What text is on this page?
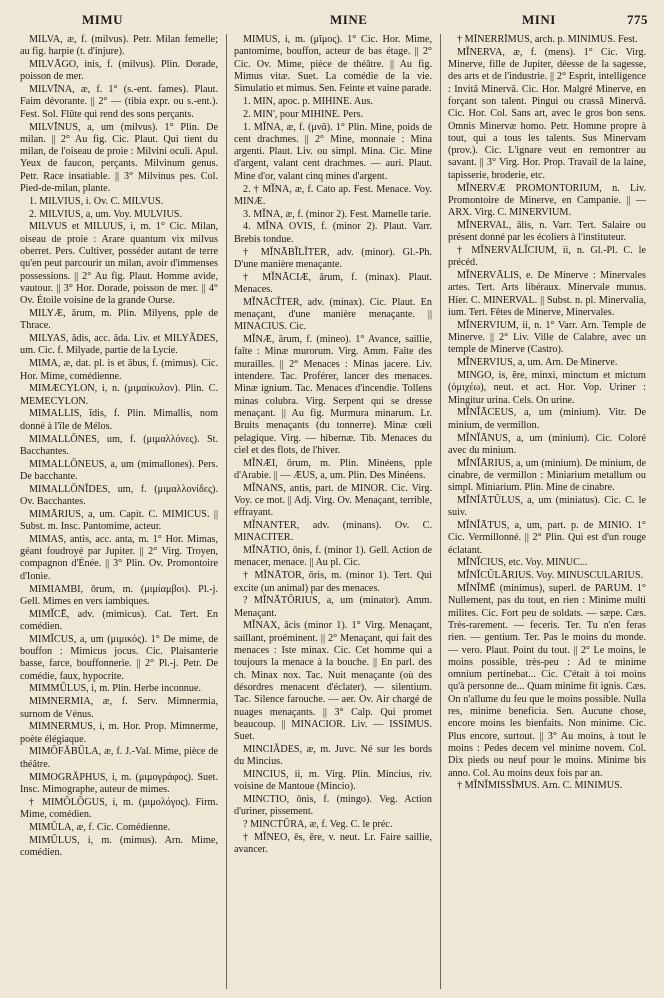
MIMU	MINE	MINI	775

MILVA, æ, f. (milvus). Petr. Milan femelle; au fig. harpie (t. d'injure).

MILVĀGO, inis, f. (milvus). Plin. Dorade, poisson de mer.

MILVĪNA, æ, f. 1° (s.-ent. fames). Plaut. Faim dévorante. || 2° — (tibia expr. ou s.-ent.). Fest. Sol. Flûte qui rend des sons perçants.

MILVĪNUS, a, um (milvus). 1° Plin. De milan. || 2° Au fig. Cic. Plaut. Qui tient du milan, de l'oiseau de proie : Milvini oculi. Apul. Yeux de faucon, perçants. Milvinum genus. Petr. Race insatiable. || 3° Milvinus pes. Col. Pied-de-milan, plante.

1. MILVIUS, i. Ov. C. MILVUS.

2. MILVIUS, a, um. Voy. MULVIUS.

MILVUS et MILUUS, i, m. 1° Cic. Milan, oiseau de proie : Arare quantum vix milvus oberret. Pers. Cultiver, posséder autant de terre qu'en peut parcourir un milan, avoir d'immenses possessions. || 2° Au fig. Plaut. Homme avide, vautour. || 3° Hor. Dorade, poisson de mer. || 4° Ov. Étoile voisine de la grande Ourse.

MILYÆ, ārum, m. Plin. Milyens, pple de Thrace.

MILYAS, ădis, acc. ăda. Liv. et MILYĂDES, um. Cic. f. Milyade, partie de la Lycie.

MIMA, æ, dat. pl. is et ābus, f. (mimus). Cic. Hor. Mime, comédienne.

MIMÆCYLON, i, n. (μιμαίκυλον). Plin. C. MEMECYLON.

MIMALLIS, ĭdis, f. Plin. Mimallis, nom donné à l'île de Mélos.

MIMALLŌNES, um, f. (μιμαλλόνες). St. Bacchantes.

MIMALLŌNEUS, a, um (mimallones). Pers. De bacchante.

MIMALLŌNĬDES, um, f. (μιμαλλονίδες). Ov. Bacchantes.

MIMĀRIUS, a, um. Capit. C. MIMICUS. || Subst. m. Insc. Pantomime, acteur.

MIMAS, antis, acc. anta, m. 1° Hor. Mimas, géant foudroyé par Jupiter. || 2° Virg. Troyen, compagnon d'Énée. || 3° Plin. Ov. Promontoire d'Ionie.

MIMIAMBI, ōrum, m. (μιμίαμβοι). Pl.-j. Gell. Mimes en vers iambiques.

MIMĬCĒ, adv. (mimicus). Cat. Tert. En comédien.

MIMĬCUS, a, um (μιμικός). 1° De mime, de bouffon : Mimicus jocus. Cic. Plaisanterie basse, farce, bouffonnerie. || 2° Pl.-j. Petr. De comédie, faux, hypocrite.

MIMMŬLUS, i, m. Plin. Herbe inconnue.

MIMNERMIA, æ, f. Serv. Mimnermia, surnom de Vénus.

MIMNERMUS, i, m. Hor. Prop. Mimnerme, poète élégiaque.

MIMŌFĂBŬLA, æ, f. J.-Val. Mime, pièce de théâtre.

MIMOGRĂPHUS, i, m. (μιμογράφος). Suet. Insc. Mimographe, auteur de mimes.

† MIMŎLŎGUS, i, m. (μιμολόγος). Firm. Mime, comédien.

MIMŬLA, æ, f. Cic. Comédienne.

MIMŬLUS, i, m. (mimus). Arn. Mime, comédien.

MIMUS, i, m. (μῖμος). 1° Cic. Hor. Mime, pantomime, bouffon, acteur de bas étage. || 2° Cic. Ov. Mime, pièce de théâtre. || Au fig. Mimus vitæ. Suet. La comédie de la vie. Simulatio et mimus. Sen. Feinte et vaine parade.

1. MIN, apoc. p. MIHINE. Aus.

2. MIN', pour MIHINE. Pers.

1. MĬNA, æ, f. (μνᾶ). 1° Plin. Mine, poids de cent drachmes. || 2° Mine, monnaie : Mina argenti. Plaut. Liv. ou simpl. Mina. Cic. Mine d'argent, valant cent drachmes. — auri. Plaut. Mine d'or, valant cinq mines d'argent.

2. † MĬNA, æ, f. Cato ap. Fest. Menace. Voy. MINÆ.

3. MĬNA, æ, f. (minor 2). Fest. Mamelle tarie.

4. MĬNA OVIS, f. (minor 2). Plaut. Varr. Brebis tondue.

† MĬNĀBĬLĬTER, adv. (minor). Gl.-Ph. D'une manière menaçante.

† MĬNĀCIÆ, ārum, f. (minax). Plaut. Menaces.

MĬNĀCĬTER, adv. (minax). Cic. Plaut. En menaçant, d'une manière menaçante. || MINACIUS. Cic.

MĬNÆ, ārum, f. (mineo). 1° Avance, saillie, faîte : Minæ murorum. Virg. Amm. Faîte des murailles. || 2° Menaces : Minas jacere. Liv. intendere. Tac. Proférer, lancer des menaces. Minæ ignium. Tac. Menaces d'incendie. Tollens minas colubra. Virg. Serpent qui se dresse menaçant. || Au fig. Murmura minarum. Lr. Bruits menaçants (du tonnerre). Minæ cœli pelagique. Virg. — hibernæ. Tib. Menaces du ciel et des flots, de l'hiver.

MĬNÆI, ōrum, m. Plin. Minéens, pple d'Arabie. || — ÆUS, a, um. Plin. Des Minéens.

MĬNANS, antis, part. de MINOR. Cic. Virg. Voy. ce mot. || Adj. Virg. Ov. Menaçant, terrible, effrayant.

MĬNANTER, adv. (minans). Ov. C. MINACITER.

MĬNĀTIO, ōnis, f. (minor 1). Gell. Action de menacer, menace. || Au pl. Cic.

† MĬNĀTOR, ōris, m. (minor 1). Tert. Qui excite (un animal) par des menaces.

? MĬNĀTŌRIUS, a, um (minator). Amm. Menaçant.

MĬNAX, ācis (minor 1). 1° Virg. Menaçant, saillant, proéminent. || 2° Menaçant, qui fait des menaces : Iste minax. Cic. Cet homme qui a toujours la menace à la bouche. || En parl. des ch. Minax nox. Tac. Nuit menaçante (où des désordres menacent d'éclater). — silentium. Tac. Silence farouche. — aer. Ov. Air chargé de nuages menaçants. || 3° Calp. Qui promet beaucoup. || MINACIOR. Liv. — ISSIMUS. Suet.

MINCIĂDES, æ, m. Juvc. Né sur les bords du Mincius.

MINCIUS, ii, m. Virg. Plin. Mincius, riv. voisine de Mantoue (Mincio).

MINCTIO, ōnis, f. (mingo). Veg. Action d'uriner, pissement.

? MINCTŪRA, æ, f. Veg. C. le préc.

† MĬNEO, ēs, ēre, v. neut. Lr. Faire saillie, avancer.

† MĬNERRĬMUS, arch. p. MINIMUS. Fest.

MĬNERVA, æ, f. (mens). 1° Cic. Virg. Minerve, fille de Jupiter, déesse de la sagesse, des arts et de l'industrie. || 2° Esprit, intelligence : Invitâ Minervâ. Cic. Hor. Malgré Minerve, en forçant son talent. Pingui ou crassâ Minervâ. Cic. Hor. Col. Sans art, avec le gros bon sens. Omnis Minervæ homo. Petr. Homme propre à tout, qui a tous les talents. Sus Minervam (prov.). Cic. L'ignare veut en remontrer au savant. || 3° Virg. Hor. Prop. Travail de la laine, tapisserie, broderie, etc.

MĬNERVÆ PROMONTORIUM, n. Liv. Promontoire de Minerve, en Campanie. || — ARX. Virg. C. MINERVIUM.

MĬNERVAL, ālis, n. Varr. Tert. Salaire ou présent donné par les écoliers à l'instituteur.

† MĬNERVĀLĬCIUM, ii, n. Gl.-Pl. C. le précéd.

MĬNERVĀLIS, e. De Minerve : Minervales artes. Tert. Arts libéraux. Minervale munus. Hier. C. MINERVAL. || Subst. n. pl. Minervalia, ium. Tert. Fêtes de Minerve, Minervales.

MĬNERVIUM, ii, n. 1° Varr. Arn. Temple de Minerve. || 2° Liv. Ville de Calabre, avec un temple de Minerve (Castro).

MĬNERVIUS, a, um. Arn. De Minerve.

MINGO, is, ĕre, minxi, minctum et mictum (ὀμιχέω), neut. et act. Hor. Vop. Uriner : Mingitur urina. Cels. On urine.

MĬNĬĀCEUS, a, um (minium). Vitr. De minium, de vermillon.

MĬNĬĀNUS, a, um (minium). Cic. Coloré avec du minium.

MĬNĬĀRIUS, a, um (minium). De minium, de cinabre, de vermillon : Miniarium metallum ou simpl. Miniarium. Plin. Mine de cinabre.

MĬNĬĀTŬLUS, a, um (miniatus). Cic. C. le suiv.

MĬNĬĀTUS, a, um, part. p. de MINIO. 1° Cic. Vermillonné. || 2° Plin. Qui est d'un rouge éclatant.

MĬNĬCIUS, etc. Voy. MINUC...

MĬNĬCŬLĀRIUS. Voy. MINUSCULARIUS.

MĬNĬMĒ (minimus), superl. de PARUM. 1° Nullement, pas du tout, en rien : Minime multi milites. Cic. Fort peu de soldats. — sæpe. Cæs. Très-rarement. — feceris. Ter. Tu n'en feras rien. — gentium. Ter. Pas le moins du monde. — vero. Plaut. Point du tout. || 2° Le moins, le moins possible, très-peu : Ad te minime omnium pertinebat... Cic. C'était à toi moins qu'à personne de... Quam minime fit ignis. Cæs. On n'allume du feu que le moins possible. Nulla res, minime beneficia. Sen. Aucune chose, encore moins les bienfaits. Non minime. Cic. Plus encore, surtout. || 3° Au moins, à tout le moins : Pedes decem vel minime novem. Col. Dix pieds ou neuf pour le moins. Minime bis anno. Col. Au moins deux fois par an.

† MĬNĬMISSĬMUS. Arn. C. MINIMUS.
